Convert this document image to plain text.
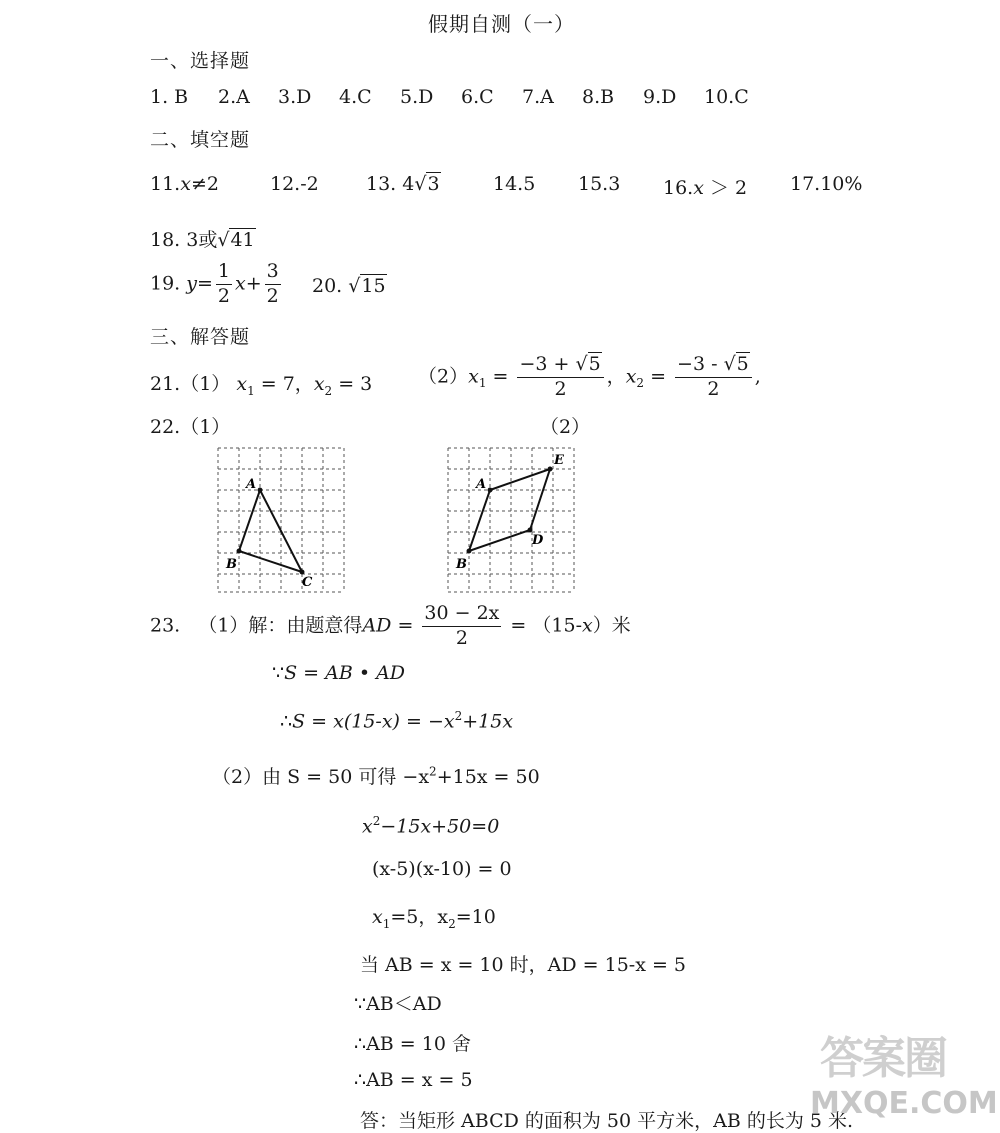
假期自测（一）
一、选择题
1. B 2.A 3.D 4.C 5.D 6.C 7.A 8.B 9.D 10.C
二、填空题
11.x≠2	12.-2 13. 4√3	14.5 15.3 16.x ＞ 2 17.10%
18. 3或√41
19. $y= \frac{1}{2} x+ \frac{3}{2} 20$. √15
三、解答题
21.（1） $x_1 = 7$，$x_2 = 3$ $(2)x_1 = \frac{-3 + √5}{2}$ ，$x_2 = \frac{-3 - √5}{2}$ ,
22.（1）	（2）
A
B
C
A
E
D
B
23. （1）解：由题意得AD = $\frac{30 - 2x}{2} = (15-x)$米
∵S = AB • AD
∴S = $x(15-x) = -x^2+15x$
（2）由 S = 50 可得 $-x^2+15x = 50$
$x^2-15x+50=0$
(x-5)(x-10) = 0
$x_1=5$，$x_2=10$
当 AB = x = 10 时，AD = 15-x = 5
∵AB＜AD
∴AB = 10 舍
∴AB = x = 5
答：当矩形 ABCD 的面积为 50 平方米，AB 的长为 5 米.
答案圈
MXQE.COM
